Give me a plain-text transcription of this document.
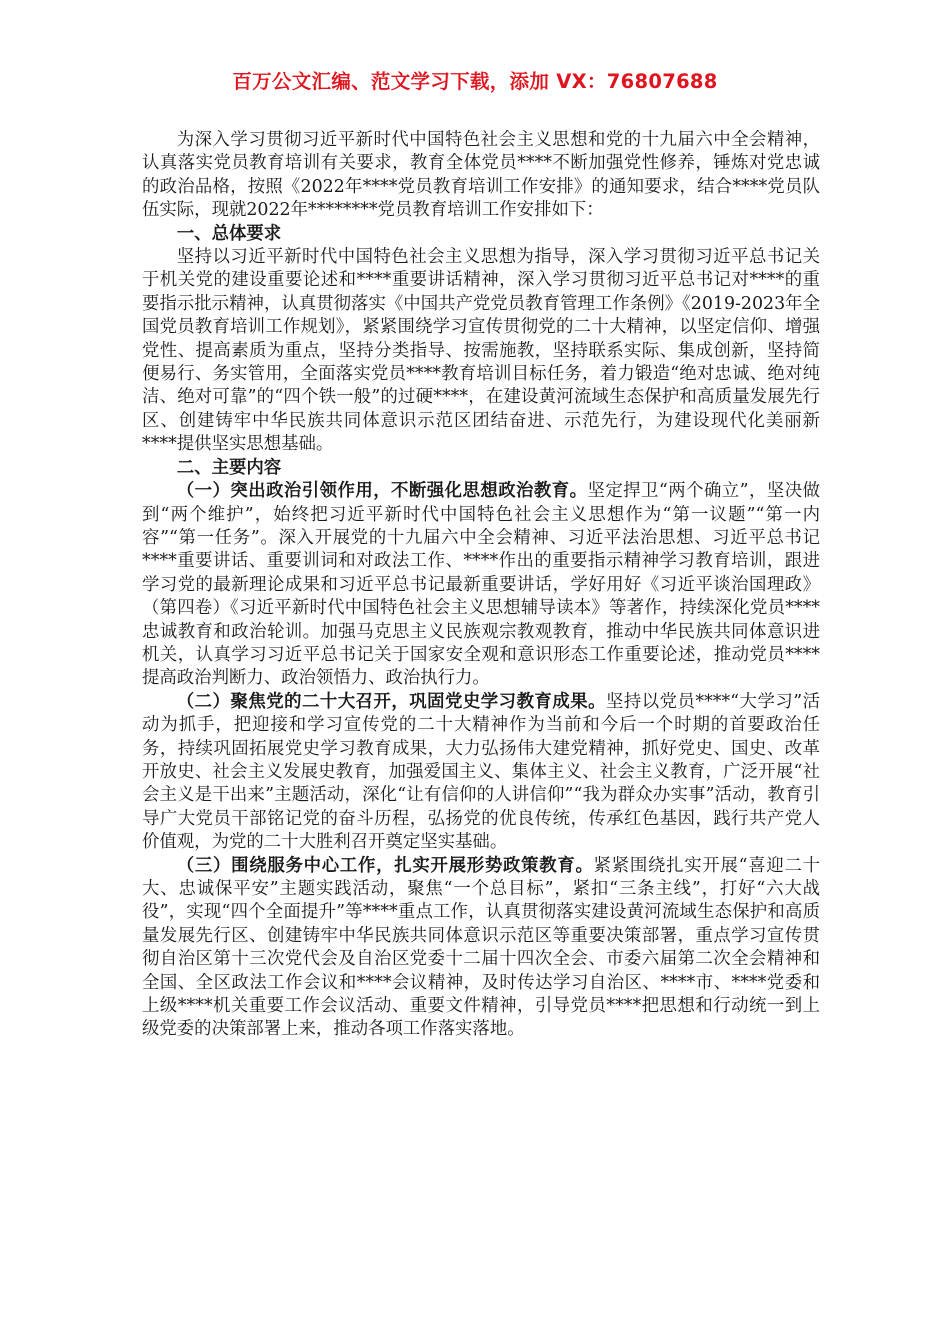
百万公文汇编、范文学习下载，添加 VX：76807688

为深入学习贯彻习近平新时代中国特色社会主义思想和党的十九届六中全会精神，认真落实党员教育培训有关要求，教育全体党员****不断加强党性修养，锤炼对党忠诚的政治品格，按照《2022年****党员教育培训工作安排》的通知要求，结合****党员队伍实际，现就2022年********党员教育培训工作安排如下：

一、总体要求

坚持以习近平新时代中国特色社会主义思想为指导，深入学习贯彻习近平总书记关于机关党的建设重要论述和****重要讲话精神，深入学习贯彻习近平总书记对****的重要指示批示精神，认真贯彻落实《中国共产党党员教育管理工作条例》《2019-2023年全国党员教育培训工作规划》，紧紧围绕学习宣传贯彻党的二十大精神，以坚定信仰、增强党性、提高素质为重点，坚持分类指导、按需施教，坚持联系实际、集成创新，坚持简便易行、务实管用，全面落实党员****教育培训目标任务，着力锻造“绝对忠诚、绝对纯洁、绝对可靠”的“四个铁一般”的过硬****，在建设黄河流域生态保护和高质量发展先行区、创建铸牢中华民族共同体意识示范区团结奋进、示范先行，为建设现代化美丽新****提供坚实思想基础。

二、主要内容

（一）突出政治引领作用，不断强化思想政治教育。坚定捍卫“两个确立”，坚决做到“两个维护”，始终把习近平新时代中国特色社会主义思想作为“第一议题”“第一内容”“第一任务”。深入开展党的十九届六中全会精神、习近平法治思想、习近平总书记****重要讲话、重要训词和对政法工作、****作出的重要指示精神学习教育培训，跟进学习党的最新理论成果和习近平总书记最新重要讲话，学好用好《习近平谈治国理政》（第四卷）《习近平新时代中国特色社会主义思想辅导读本》等著作，持续深化党员****忠诚教育和政治轮训。加强马克思主义民族观宗教观教育，推动中华民族共同体意识进机关，认真学习习近平总书记关于国家安全观和意识形态工作重要论述，推动党员****提高政治判断力、政治领悟力、政治执行力。

（二）聚焦党的二十大召开，巩固党史学习教育成果。坚持以党员****“大学习”活动为抓手，把迎接和学习宣传党的二十大精神作为当前和今后一个时期的首要政治任务，持续巩固拓展党史学习教育成果，大力弘扬伟大建党精神，抓好党史、国史、改革开放史、社会主义发展史教育，加强爱国主义、集体主义、社会主义教育，广泛开展“社会主义是干出来”主题活动，深化“让有信仰的人讲信仰”“我为群众办实事”活动，教育引导广大党员干部铭记党的奋斗历程，弘扬党的优良传统，传承红色基因，践行共产党人价值观，为党的二十大胜利召开奠定坚实基础。

（三）围绕服务中心工作，扎实开展形势政策教育。紧紧围绕扎实开展“喜迎二十大、忠诚保平安”主题实践活动，聚焦“一个总目标”，紧扣“三条主线”，打好“六大战役”，实现“四个全面提升”等****重点工作，认真贯彻落实建设黄河流域生态保护和高质量发展先行区、创建铸牢中华民族共同体意识示范区等重要决策部署，重点学习宣传贯彻自治区第十三次党代会及自治区党委十二届十四次全会、市委六届第二次全会精神和全国、全区政法工作会议和****会议精神，及时传达学习自治区、****市、****党委和上级****机关重要工作会议活动、重要文件精神，引导党员****把思想和行动统一到上级党委的决策部署上来，推动各项工作落实落地。
